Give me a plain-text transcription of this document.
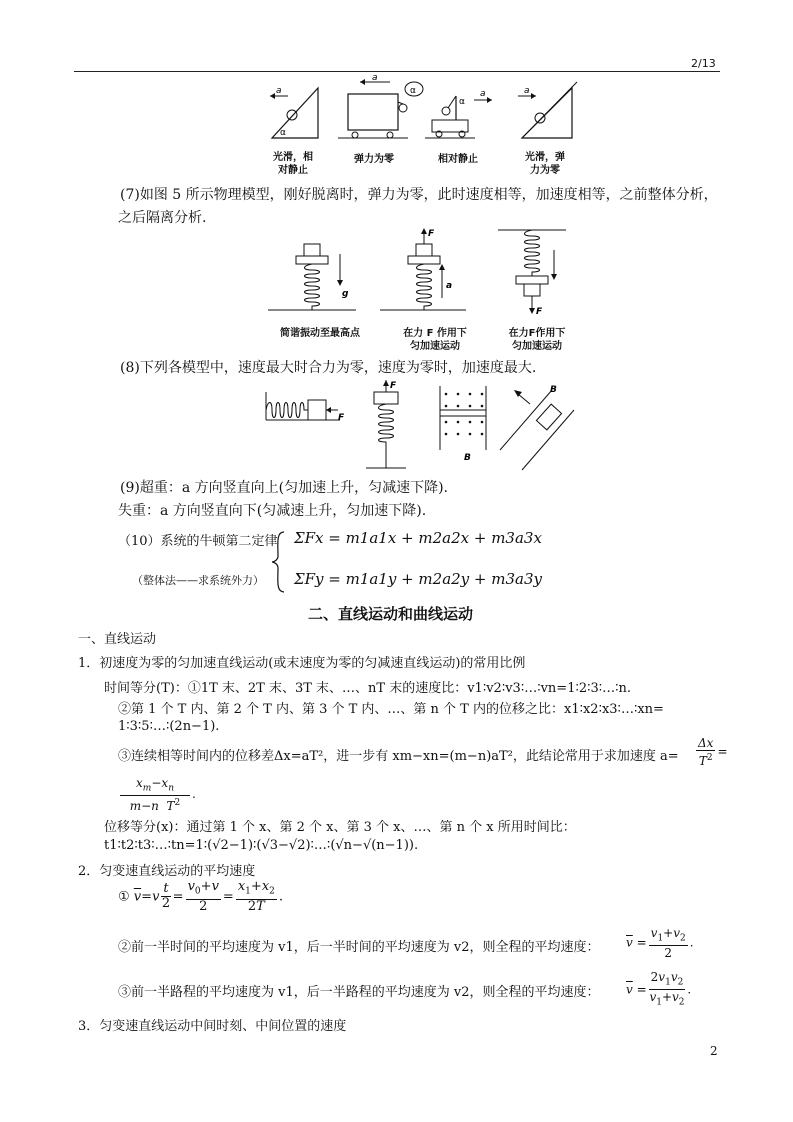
2/13
a
α
a
α
α
a	a
光滑，相
对静止
弹力为零	相对静止	光滑，弹
力为零
(7)如图 5 所示物理模型，刚好脱离时，弹力为零，此时速度相等，加速度相等，之前整体分析，
之后隔离分析.
g
F
a
F
简谐振动至最高点	在力 F 作用下
匀加速运动
在力F作用下
匀加速运动
(8)下列各模型中，速度最大时合力为零，速度为零时，加速度最大.
F
F
B
B
(9)超重：a 方向竖直向上(匀加速上升，匀减速下降).
失重：a 方向竖直向下(匀减速上升，匀加速下降).
（10）系统的牛顿第二定律
（整体法——求系统外力）
ΣFx = m1a1x + m2a2x + m3a3x
ΣFy = m1a1y + m2a2y + m3a3y
二、直线运动和曲线运动
一、直线运动
1．初速度为零的匀加速直线运动(或末速度为零的匀减速直线运动)的常用比例
时间等分(T)：①1T 末、2T 末、3T 末、…、nT 末的速度比：v1∶v2∶v3∶…∶vn=1∶2∶3∶…∶n.
②第 1 个 T 内、第 2 个 T 内、第 3 个 T 内、…、第 n 个 T 内的位移之比：x1∶x2∶x3∶…∶xn=
1∶3∶5∶…∶(2n−1).
③连续相等时间内的位移差Δx=aT²，进一步有 xm−xn=(m−n)aT²，此结论常用于求加速度 $a= \frac{\Delta x}{T^2}$ =
$\frac{x_m-x_n}{m-n T^2}$ .
位移等分(x)：通过第 1 个 x、第 2 个 x、第 3 个 x、…、第 n 个 x 所用时间比：
t1∶t2∶t3∶…∶tn=1∶(√2−1)∶(√3−√2)∶…∶(√n−√(n−1)).
2．匀变速直线运动的平均速度
① $\overline{v}=v \frac{t}{2} = \frac{v_0+v}{2} = \frac{x_1+x_2}{2T}$ .
②前一半时间的平均速度为 v1，后一半时间的平均速度为 v2，则全程的平均速度： $\overline{v} = \frac{v_1+v_2}{2}$ .
③前一半路程的平均速度为 v1，后一半路程的平均速度为 v2，则全程的平均速度： $\overline{v} = \frac{2v_1v_2}{v_1+v_2}$ .
3．匀变速直线运动中间时刻、中间位置的速度
2
